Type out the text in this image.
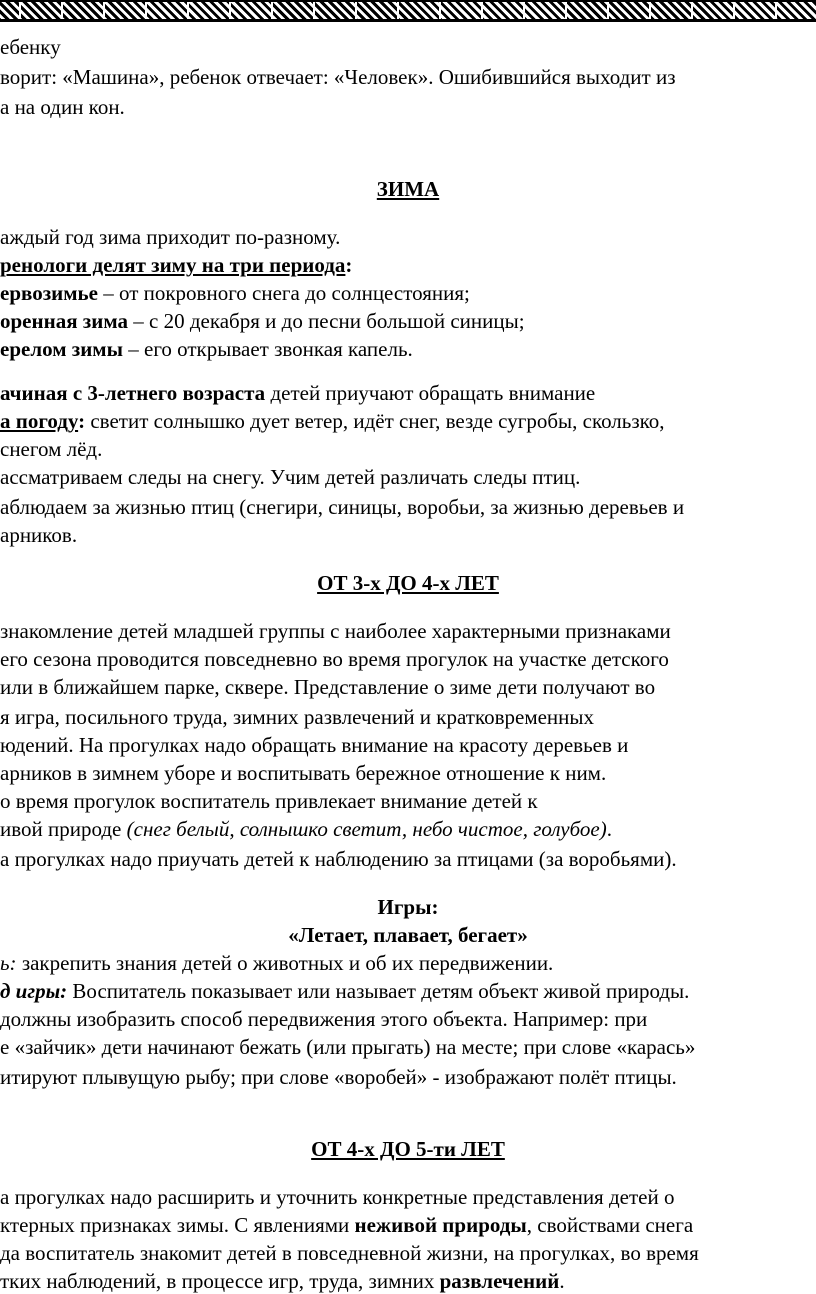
ебенку
ворит: «Машина», ребенок отвечает: «Человек». Ошибившийся выходит из
а на один кон.
ЗИМА
аждый год зима приходит по-разному.
ренологи делят зиму на три периода:
ервозимье – от покровного снега до солнцестояния;
оренная зима – с 20 декабря и до песни большой синицы;
ерелом зимы – его открывает звонкая капель.
ачиная с 3-летнего возраста детей приучают обращать внимание
а погоду: светит солнышко дует ветер, идёт снег, везде сугробы, скользко,
снегом лёд.
ассматриваем следы на снегу. Учим детей различать следы птиц.
аблюдаем за жизнью птиц (снегири, синицы, воробьи, за жизнью деревьев и
арников.
ОТ 3-х ДО 4-х ЛЕТ
знакомление детей младшей группы с наиболее характерными признаками
его сезона проводится повседневно во время прогулок на участке детского
или в ближайшем парке, сквере. Представление о зиме дети получают во
я игра, посильного труда, зимних развлечений и кратковременных
юдений. На прогулках надо обращать внимание на красоту деревьев и
арников в зимнем уборе и воспитывать бережное отношение к ним.
о время прогулок воспитатель привлекает внимание детей к
ивой природе (снег белый, солнышко светит, небо чистое, голубое).
а прогулках надо приучать детей к наблюдению за птицами (за воробьями).
Игры:
«Летает, плавает, бегает»
ь: закрепить знания детей о животных и об их передвижении.
д игры: Воспитатель показывает или называет детям объект живой природы.
должны изобразить способ передвижения этого объекта. Например: при
е «зайчик» дети начинают бежать (или прыгать) на месте; при слове «карась»
итируют плывущую рыбу; при слове «воробей» - изображают полёт птицы.
ОТ 4-х ДО 5-ти ЛЕТ
а прогулках надо расширить и уточнить конкретные представления детей о
ктерных признаках зимы. С явлениями неживой природы, свойствами снега
да воспитатель знакомит детей в повседневной жизни, на прогулках, во время
тких наблюдений, в процессе игр, труда, зимних развлечений.
